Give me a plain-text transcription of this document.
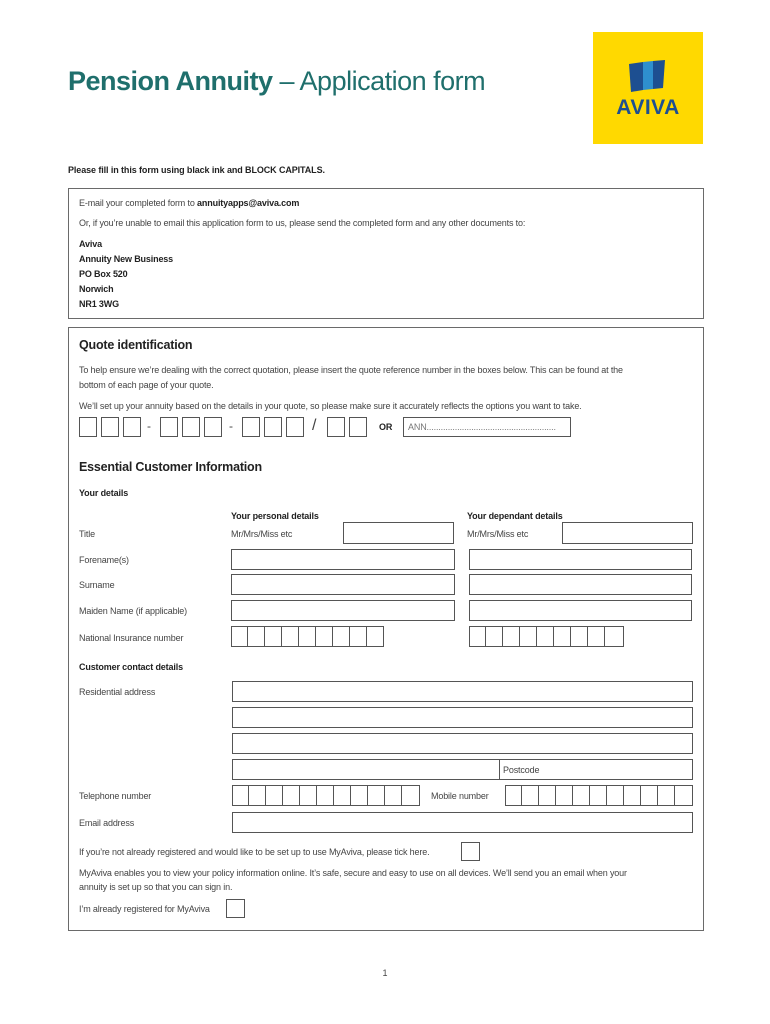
Pension Annuity – Application form
AVIVA
Please fill in this form using black ink and BLOCK CAPITALS.
E-mail your completed form to annuityapps@aviva.com
Or, if you’re unable to email this application form to us, please send the completed form and any other documents to:
Aviva
Annuity New Business
PO Box 520
Norwich
NR1 3WG
Quote identification
To help ensure we’re dealing with the correct quotation, please insert the quote reference number in the boxes below. This can be found at the
bottom of each page of your quote.
We’ll set up your annuity based on the details in your quote, so please make sure it accurately reflects the options you want to take.
-	-	/	OR ANN.......................................................
Essential Customer Information
Your details
Your personal details	Your dependant details
Title	Mr/Mrs/Miss etc	Mr/Mrs/Miss etc
Forename(s)
Surname
Maiden Name (if applicable)
National Insurance number
Customer contact details
Residential address
Postcode
Telephone number	Mobile number
Email address
If you’re not already registered and would like to be set up to use MyAviva, please tick here.
MyAviva enables you to view your policy information online. It’s safe, secure and easy to use on all devices. We’ll send you an email when your
annuity is set up so that you can sign in.
I’m already registered for MyAviva
1
